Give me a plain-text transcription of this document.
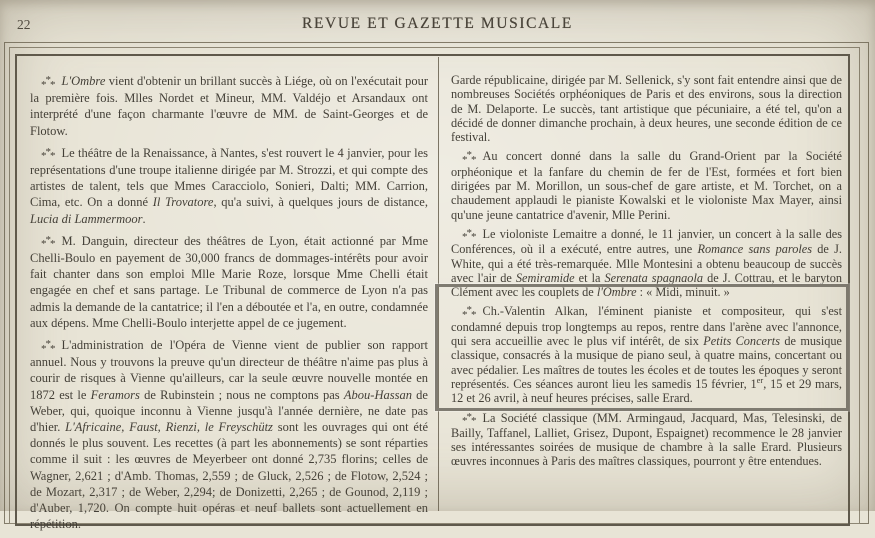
22	REVUE ET GAZETTE MUSICALE

*** L'Ombre vient d'obtenir un brillant succès à Liége, où on l'exécutait pour la première fois. Mlles Nordet et Mineur, MM. Valdéjo et Arsandaux ont interprété d'une façon charmante l'œuvre de MM. de Saint-Georges et de Flotow.

*** Le théâtre de la Renaissance, à Nantes, s'est rouvert le 4 janvier, pour les représentations d'une troupe italienne dirigée par M. Strozzi, et qui compte des artistes de talent, tels que Mmes Caracciolo, Sonieri, Dalti; MM. Carrion, Cima, etc. On a donné Il Trovatore, qu'a suivi, à quelques jours de distance, Lucia di Lammermoor.

*** M. Danguin, directeur des théâtres de Lyon, était actionné par Mme Chelli-Boulo en payement de 30,000 francs de dommages-intérêts pour avoir fait chanter dans son emploi Mlle Marie Roze, lorsque Mme Chelli était engagée en chef et sans partage. Le Tribunal de commerce de Lyon n'a pas admis la demande de la cantatrice; il l'en a déboutée et l'a, en outre, condamnée aux dépens. Mme Chelli-Boulo interjette appel de ce jugement.

*** L'administration de l'Opéra de Vienne vient de publier son rapport annuel. Nous y trouvons la preuve qu'un directeur de théâtre n'aime pas plus à courir de risques à Vienne qu'ailleurs, car la seule œuvre nouvelle montée en 1872 est le Feramors de Rubinstein ; nous ne comptons pas Abou-Hassan de Weber, qui, quoique inconnu à Vienne jusqu'à l'année dernière, ne date pas d'hier. L'Africaine, Faust, Rienzi, le Freyschütz sont les ouvrages qui ont été donnés le plus souvent. Les recettes (à part les abonnements) se sont réparties comme il suit : les œuvres de Meyerbeer ont donné 2,735 florins; celles de Wagner, 2,621 ; d'Amb. Thomas, 2,559 ; de Gluck, 2,526 ; de Flotow, 2,524 ; de Mozart, 2,317 ; de Weber, 2,294; de Donizetti, 2,265 ; de Gounod, 2,119 ; d'Auber, 1,720. On compte huit opéras et neuf ballets sont actuellement en répétition.

Garde républicaine, dirigée par M. Sellenick, s'y sont fait entendre ainsi que de nombreuses Sociétés orphéoniques de Paris et des environs, sous la direction de M. Delaporte. Le succès, tant artistique que pécuniaire, a été tel, qu'on a décidé de donner dimanche prochain, à deux heures, une seconde édition de ce festival.

*** Au concert donné dans la salle du Grand-Orient par la Société orphéonique et la fanfare du chemin de fer de l'Est, formées et fort bien dirigées par M. Morillon, un sous-chef de gare artiste, et M. Torchet, on a chaudement applaudi le pianiste Kowalski et le violoniste Max Mayer, ainsi qu'une jeune cantatrice d'avenir, Mlle Perini.

*** Le violoniste Lemaitre a donné, le 11 janvier, un concert à la salle des Conférences, où il a exécuté, entre autres, une Romance sans paroles de J. White, qui a été très-remarquée. Mlle Montesini a obtenu beaucoup de succès avec l'air de Semiramide et la Serenata spagnaola de J. Cottrau, et le baryton Clément avec les couplets de l'Ombre : « Midi, minuit. »

*** Ch.-Valentin Alkan, l'éminent pianiste et compositeur, qui s'est condamné depuis trop longtemps au repos, rentre dans l'arène avec l'annonce, qui sera accueillie avec le plus vif intérêt, de six Petits Concerts de musique classique, consacrés à la musique de piano seul, à quatre mains, concertant ou avec pédalier. Les maîtres de toutes les écoles et de toutes les époques y seront représentés. Ces séances auront lieu les samedis 15 février, 1er, 15 et 29 mars, 12 et 26 avril, à neuf heures précises, salle Erard.

*** La Société classique (MM. Armingaud, Jacquard, Mas, Telesinski, de Bailly, Taffanel, Lalliet, Grisez, Dupont, Espaignet) recommence le 28 janvier ses intéressantes soirées de musique de chambre à la salle Erard. Plusieurs œuvres inconnues à Paris des maîtres classiques, pourront y être entendues.
